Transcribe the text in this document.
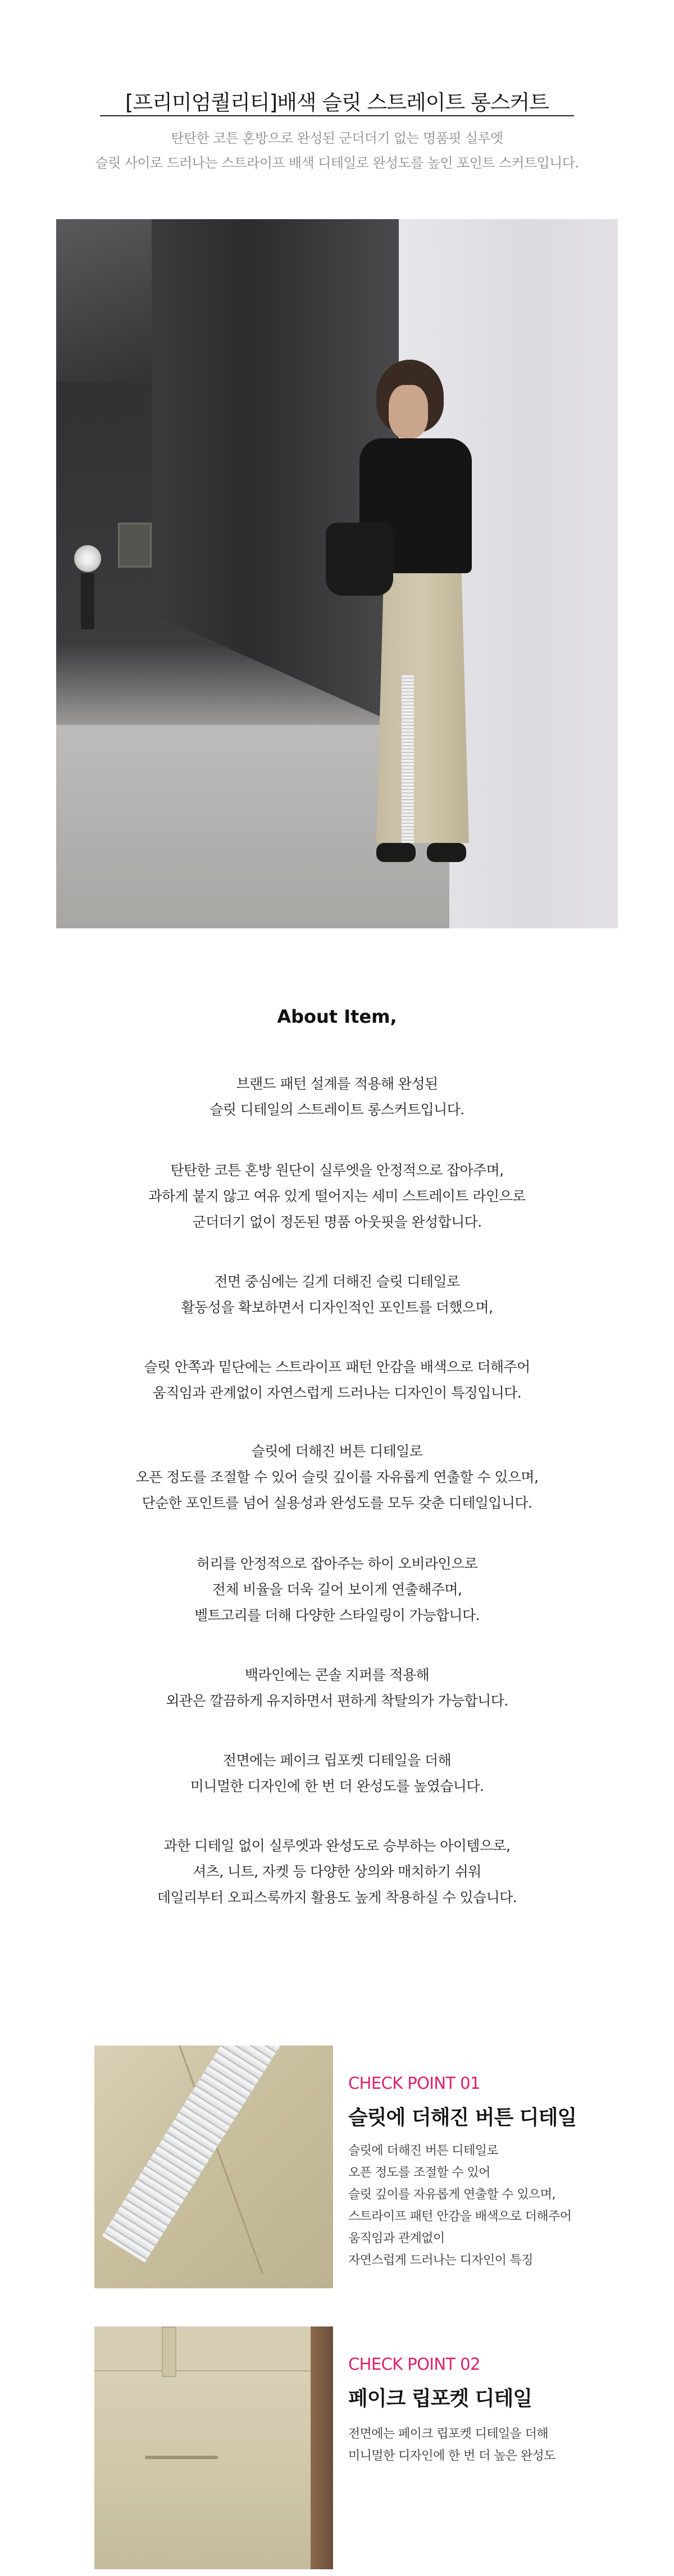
[프리미엄퀄리티]배색 슬릿 스트레이트 롱스커트
탄탄한 코튼 혼방으로 완성된 군더더기 없는 명품핏 실루엣
슬릿 사이로 드러나는 스트라이프 배색 디테일로 완성도를 높인 포인트 스커트입니다.
About Item,
브랜드 패턴 설계를 적용해 완성된
슬릿 디테일의 스트레이트 롱스커트입니다.
탄탄한 코튼 혼방 원단이 실루엣을 안정적으로 잡아주며,
과하게 붙지 않고 여유 있게 떨어지는 세미 스트레이트 라인으로
군더더기 없이 정돈된 명품 아웃핏을 완성합니다.
전면 중심에는 길게 더해진 슬릿 디테일로
활동성을 확보하면서 디자인적인 포인트를 더했으며,
슬릿 안쪽과 밑단에는 스트라이프 패턴 안감을 배색으로 더해주어
움직임과 관계없이 자연스럽게 드러나는 디자인이 특징입니다.
슬릿에 더해진 버튼 디테일로
오픈 정도를 조절할 수 있어 슬릿 깊이를 자유롭게 연출할 수 있으며,
단순한 포인트를 넘어 실용성과 완성도를 모두 갖춘 디테일입니다.
허리를 안정적으로 잡아주는 하이 오비라인으로
전체 비율을 더욱 길어 보이게 연출해주며,
벨트고리를 더해 다양한 스타일링이 가능합니다.
백라인에는 콘솔 지퍼를 적용해
외관은 깔끔하게 유지하면서 편하게 착탈의가 가능합니다.
전면에는 페이크 립포켓 디테일을 더해
미니멀한 디자인에 한 번 더 완성도를 높였습니다.
과한 디테일 없이 실루엣과 완성도로 승부하는 아이템으로,
셔츠, 니트, 자켓 등 다양한 상의와 매치하기 쉬워
데일리부터 오피스룩까지 활용도 높게 착용하실 수 있습니다.
CHECK POINT 01
슬릿에 더해진 버튼 디테일
슬릿에 더해진 버튼 디테일로
오픈 정도를 조절할 수 있어
슬릿 깊이를 자유롭게 연출할 수 있으며,
스트라이프 패턴 안감을 배색으로 더해주어
움직임과 관계없이
자연스럽게 드러나는 디자인이 특징
CHECK POINT 02
페이크 립포켓 디테일
전면에는 페이크 립포켓 디테일을 더해
미니멀한 디자인에 한 번 더 높은 완성도
